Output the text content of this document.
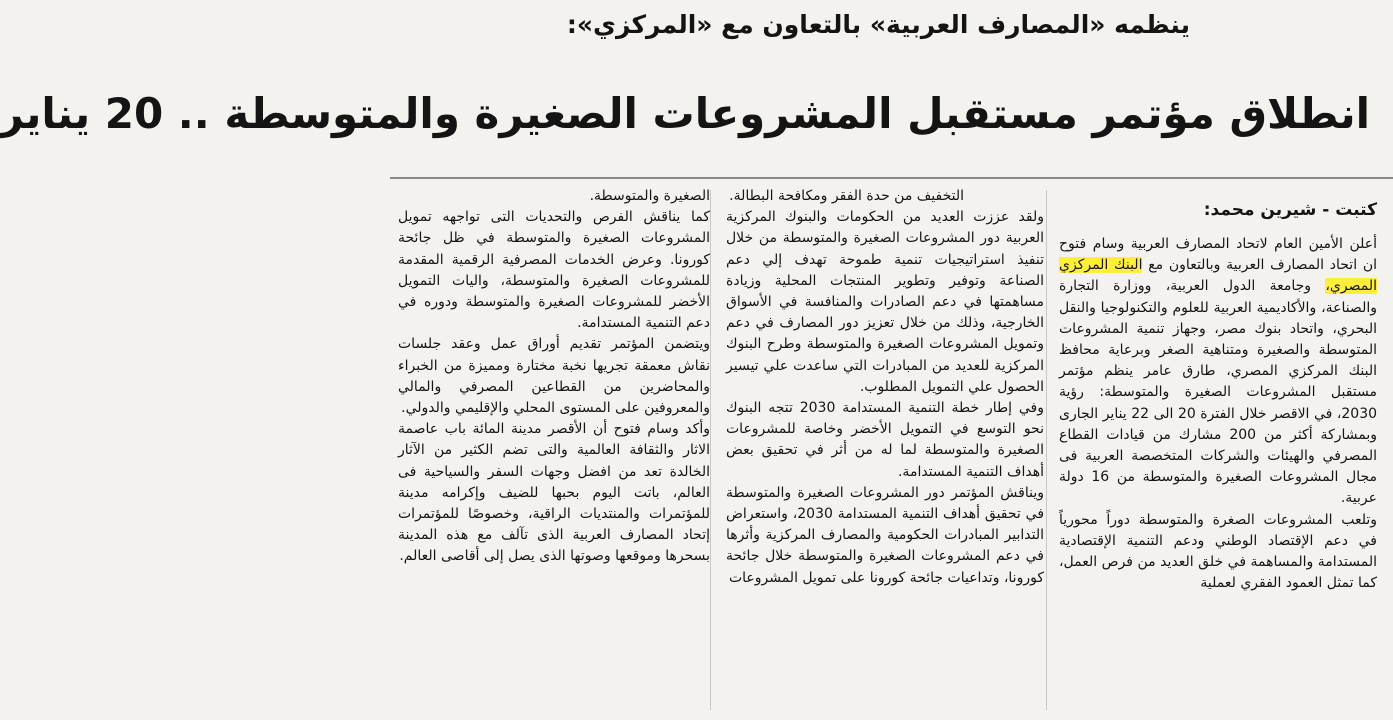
ينظمه «المصارف العربية» بالتعاون مع «المركزي»:
انطلاق مؤتمر مستقبل المشروعات الصغيرة والمتوسطة .. 20 يناير

كتبت - شيرين محمد:

أعلن الأمين العام لاتحاد المصارف العربية وسام فتوح ان اتحاد المصارف العربية وبالتعاون مع البنك المركزي المصري، وجامعة الدول العربية، ووزارة التجارة والصناعة، والأكاديمية العربية للعلوم والتكنولوجيا والنقل البحري، واتحاد بنوك مصر، وجهاز تنمية المشروعات المتوسطة والصغيرة ومتناهية الصغر وبرعاية محافظ البنك المركزي المصري، طارق عامر ينظم مؤتمر مستقبل المشروعات الصغيرة والمتوسطة: رؤية 2030، في الاقصر خلال الفترة 20 الى 22 يناير الجارى وبمشاركة أكثر من 200 مشارك من قيادات القطاع المصرفي والهيئات والشركات المتخصصة العربية فى مجال المشروعات الصغيرة والمتوسطة من 16 دولة عربية.

وتلعب المشروعات الصغرة والمتوسطة دوراً محورياً في دعم الإقتصاد الوطني ودعم التنمية الإقتصادية المستدامة والمساهمة في خلق العديد من فرص العمل، كما تمثل العمود الفقري لعملية

التخفيف من حدة الفقر ومكافحة البطالة.

ولقد عززت العديد من الحكومات والبنوك المركزية العربية دور المشروعات الصغيرة والمتوسطة من خلال تنفيذ استراتيجيات تنمية طموحة تهدف إلي دعم الصناعة وتوفير وتطوير المنتجات المحلية وزيادة مساهمتها في دعم الصادرات والمنافسة في الأسواق الخارجية، وذلك من خلال تعزيز دور المصارف في دعم وتمويل المشروعات الصغيرة والمتوسطة وطرح البنوك المركزية للعديد من المبادرات التي ساعدت علي تيسير الحصول علي التمويل المطلوب.

وفي إطار خطة التنمية المستدامة 2030 تتجه البنوك نحو التوسع في التمويل الأخضر وخاصة للمشروعات الصغيرة والمتوسطة لما له من أثر في تحقيق بعض أهداف التنمية المستدامة.

ويناقش المؤتمر دور المشروعات الصغيرة والمتوسطة في تحقيق أهداف التنمية المستدامة 2030، واستعراض التدابير المبادرات الحكومية والمصارف المركزية وأثرها في دعم المشروعات الصغيرة والمتوسطة خلال جائحة كورونا، وتداعيات جائحة كورونا على تمويل المشروعات

الصغيرة والمتوسطة.

كما يناقش الفرص والتحديات التى تواجهه تمويل المشروعات الصغيرة والمتوسطة في ظل جائحة كورونا. وعرض الخدمات المصرفية الرقمية المقدمة للمشروعات الصغيرة والمتوسطة، واليات التمويل الأخضر للمشروعات الصغيرة والمتوسطة ودوره في دعم التنمية المستدامة.

ويتضمن المؤتمر تقديم أوراق عمل وعقد جلسات نقاش معمقة تجريها نخبة مختارة ومميزة من الخبراء والمحاضرين من القطاعين المصرفي والمالي والمعروفين على المستوى المحلي والإقليمي والدولي.

وأكد وسام فتوح أن الأقصر مدينة المائة باب عاصمة الاثار والثقافة العالمية والتى تضم الكثير من الآثار الخالدة تعد من افضل وجهات السفر والسياحية فى العالم، باتت اليوم بحبها للضيف وإكرامه مدينة للمؤتمرات والمنتديات الراقية، وخصوصًا للمؤتمرات إتحاد المصارف العربية الذى تآلف مع هذه المدينة بسحرها وموقعها وصوتها الذى يصل إلى أقاصى العالم.
